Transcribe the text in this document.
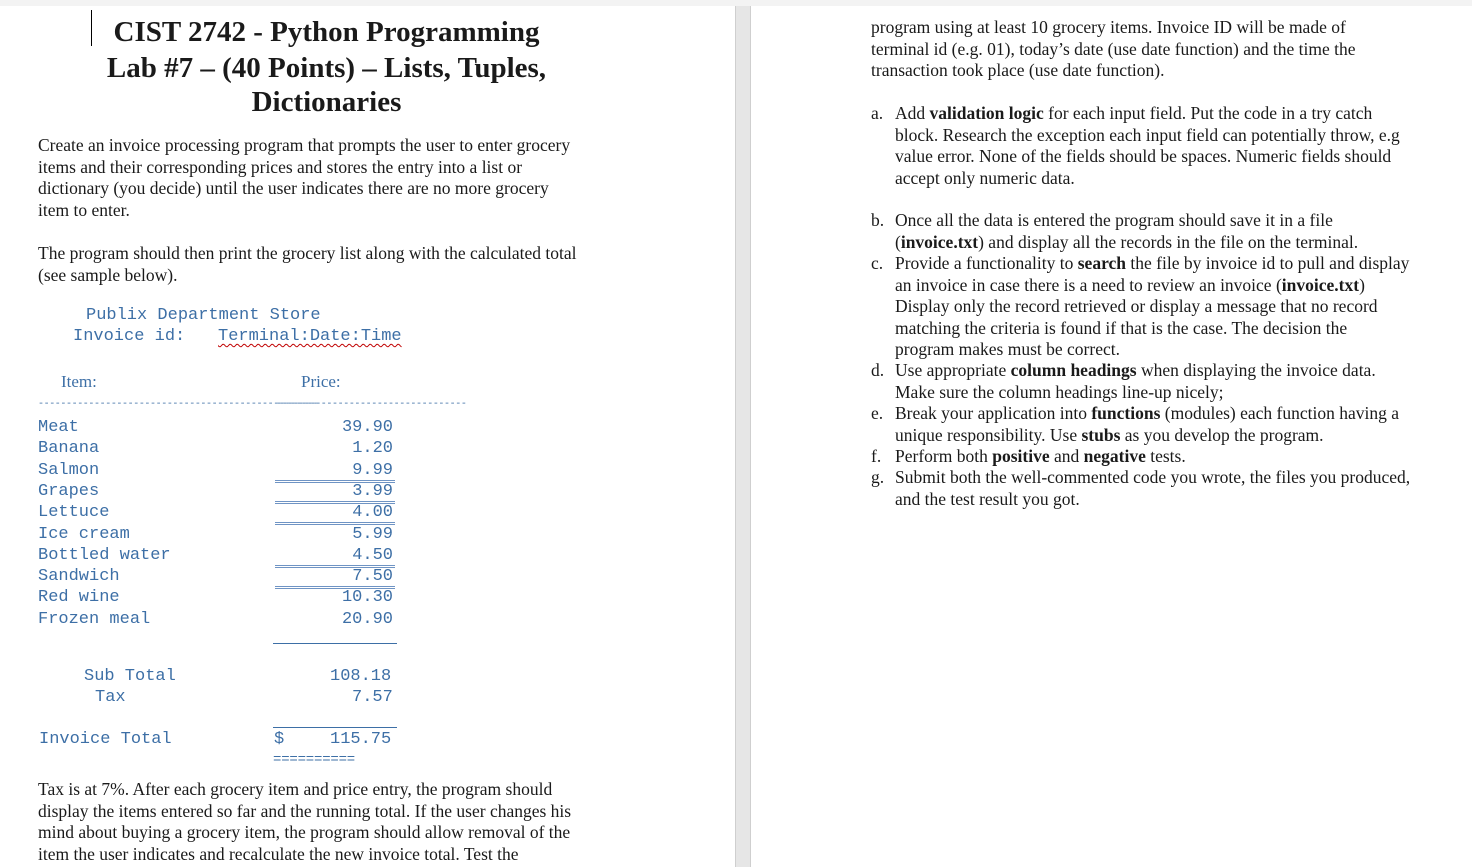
CIST 2742 - Python Programming
Lab #7 – (40 Points) – Lists, Tuples,
Dictionaries
Create an invoice processing program that prompts the user to enter grocery
items and their corresponding prices and stores the entry into a list or
dictionary (you decide) until the user indicates there are no more grocery
item to enter.
The program should then print the grocery list along with the calculated total
(see sample below).
Publix Department Store
Invoice id: Terminal:Date:Time
Item:	Price:
--------------------------------------------------
----------------------------------
Meat	39.90
Banana	1.20
Salmon	9.99
Grapes	3.99
Lettuce	4.00
Ice cream	5.99
Bottled water	4.50
Sandwich	7.50
Red wine	10.30
Frozen meal	20.90
Sub Total	108.18
Tax	7.57
Invoice Total	$	115.75
==========
Tax is at 7%. After each grocery item and price entry, the program should
display the items entered so far and the running total. If the user changes his
mind about buying a grocery item, the program should allow removal of the
item the user indicates and recalculate the new invoice total. Test the
program using at least 10 grocery items. Invoice ID will be made of
terminal id (e.g. 01), today’s date (use date function) and the time the
transaction took place (use date function).
a. Add validation logic for each input field. Put the code in a try catch
block. Research the exception each input field can potentially throw, e.g
value error. None of the fields should be spaces. Numeric fields should
accept only numeric data.
b. Once all the data is entered the program should save it in a file
(invoice.txt) and display all the records in the file on the terminal.
c. Provide a functionality to search the file by invoice id to pull and display
an invoice in case there is a need to review an invoice (invoice.txt)
Display only the record retrieved or display a message that no record
matching the criteria is found if that is the case. The decision the
program makes must be correct.
d. Use appropriate column headings when displaying the invoice data.
Make sure the column headings line-up nicely;
e. Break your application into functions (modules) each function having a
unique responsibility. Use stubs as you develop the program.
f. Perform both positive and negative tests.
g. Submit both the well-commented code you wrote, the files you produced,
and the test result you got.
